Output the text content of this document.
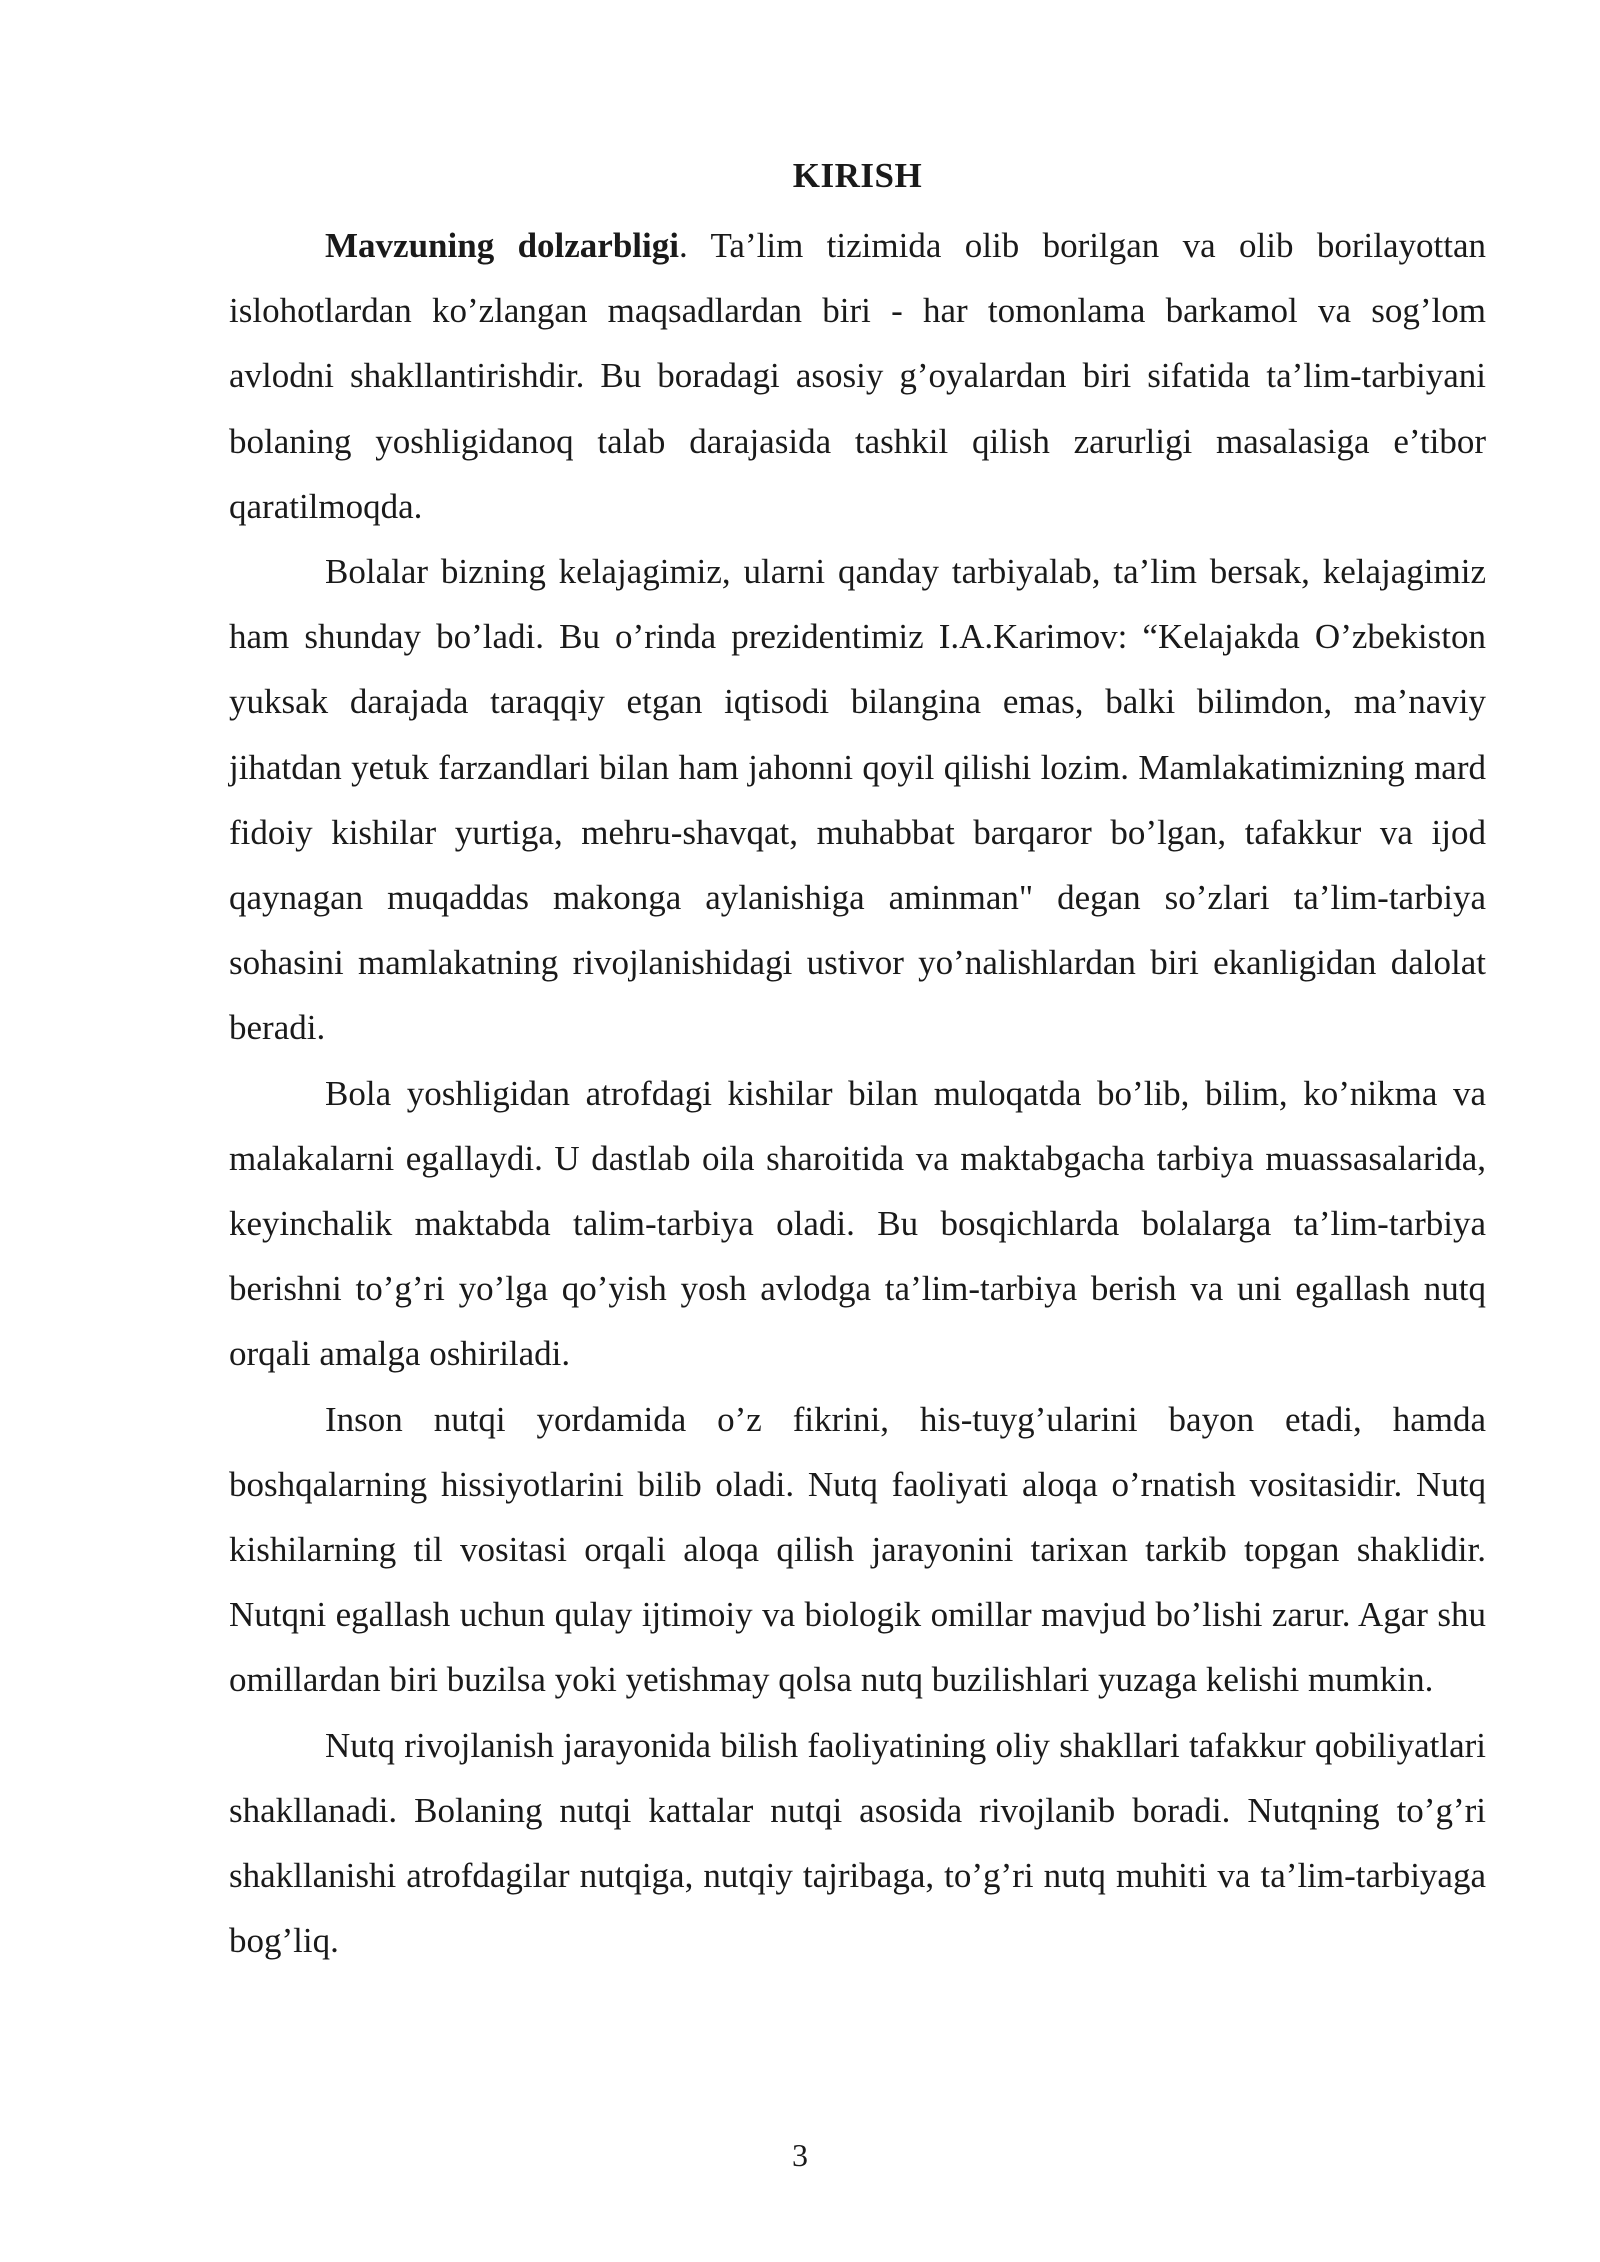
KIRISH

Mavzuning dolzarbligi. Ta’lim tizimida olib borilgan va olib borilayottan islohotlardan ko’zlangan maqsadlardan biri - har tomonlama barkamol va sog’lom avlodni shakllantirishdir. Bu boradagi asosiy g’oyalardan biri sifatida ta’lim-tarbiyani bolaning yoshligidanoq talab darajasida tashkil qilish zarurligi masalasiga e’tibor qaratilmoqda.

Bolalar bizning kelajagimiz, ularni qanday tarbiyalab, ta’lim bersak, kelajagimiz ham shunday bo’ladi. Bu o’rinda prezidentimiz I.A.Karimov: “Kelajakda O’zbekiston yuksak darajada taraqqiy etgan iqtisodi bilangina emas, balki bilimdon, ma’naviy jihatdan yetuk farzandlari bilan ham jahonni qoyil qilishi lozim. Mamlakatimizning mard fidoiy kishilar yurtiga, mehru-shavqat, muhabbat barqaror bo’lgan, tafakkur va ijod qaynagan muqaddas makonga aylanishiga aminman" degan so’zlari ta’lim-tarbiya sohasini mamlakatning rivojlanishidagi ustivor yo’nalishlardan biri ekanligidan dalolat beradi.

Bola yoshligidan atrofdagi kishilar bilan muloqatda bo’lib, bilim, ko’nikma va malakalarni egallaydi. U dastlab oila sharoitida va maktabgacha tarbiya muassasalarida, keyinchalik maktabda talim-tarbiya oladi. Bu bosqichlarda bolalarga ta’lim-tarbiya berishni to’g’ri yo’lga qo’yish yosh avlodga ta’lim-tarbiya berish va uni egallash nutq orqali amalga oshiriladi.

Inson nutqi yordamida o’z fikrini, his-tuyg’ularini bayon etadi, hamda boshqalarning hissiyotlarini bilib oladi. Nutq faoliyati aloqa o’rnatish vositasidir. Nutq kishilarning til vositasi orqali aloqa qilish jarayonini tarixan tarkib topgan shaklidir. Nutqni egallash uchun qulay ijtimoiy va biologik omillar mavjud bo’lishi zarur. Agar shu omillardan biri buzilsa yoki yetishmay qolsa nutq buzilishlari yuzaga kelishi mumkin.

Nutq rivojlanish jarayonida bilish faoliyatining oliy shakllari tafakkur qobiliyatlari shakllanadi. Bolaning nutqi kattalar nutqi asosida rivojlanib boradi. Nutqning to’g’ri shakllanishi atrofdagilar nutqiga, nutqiy tajribaga, to’g’ri nutq muhiti va ta’lim-tarbiyaga bog’liq.

3
